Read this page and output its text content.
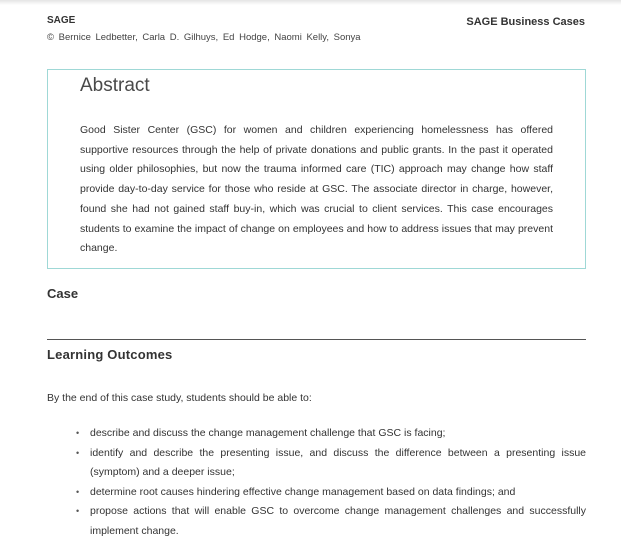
SAGE	SAGE Business Cases
© Bernice Ledbetter, Carla D. Gilhuys, Ed Hodge, Naomi Kelly, Sonya
Abstract

Good Sister Center (GSC) for women and children experiencing homelessness has offered supportive resources through the help of private donations and public grants. In the past it operated using older philosophies, but now the trauma informed care (TIC) approach may change how staff provide day-to-day service for those who reside at GSC. The associate director in charge, however, found she had not gained staff buy-in, which was crucial to client services. This case encourages students to examine the impact of change on employees and how to address issues that may prevent change.

Case
Learning Outcomes

By the end of this case study, students should be able to:

• describe and discuss the change management challenge that GSC is facing;
• identify and describe the presenting issue, and discuss the difference between a presenting issue (symptom) and a deeper issue;
• determine root causes hindering effective change management based on data findings; and
• propose actions that will enable GSC to overcome change management challenges and successfully implement change.
